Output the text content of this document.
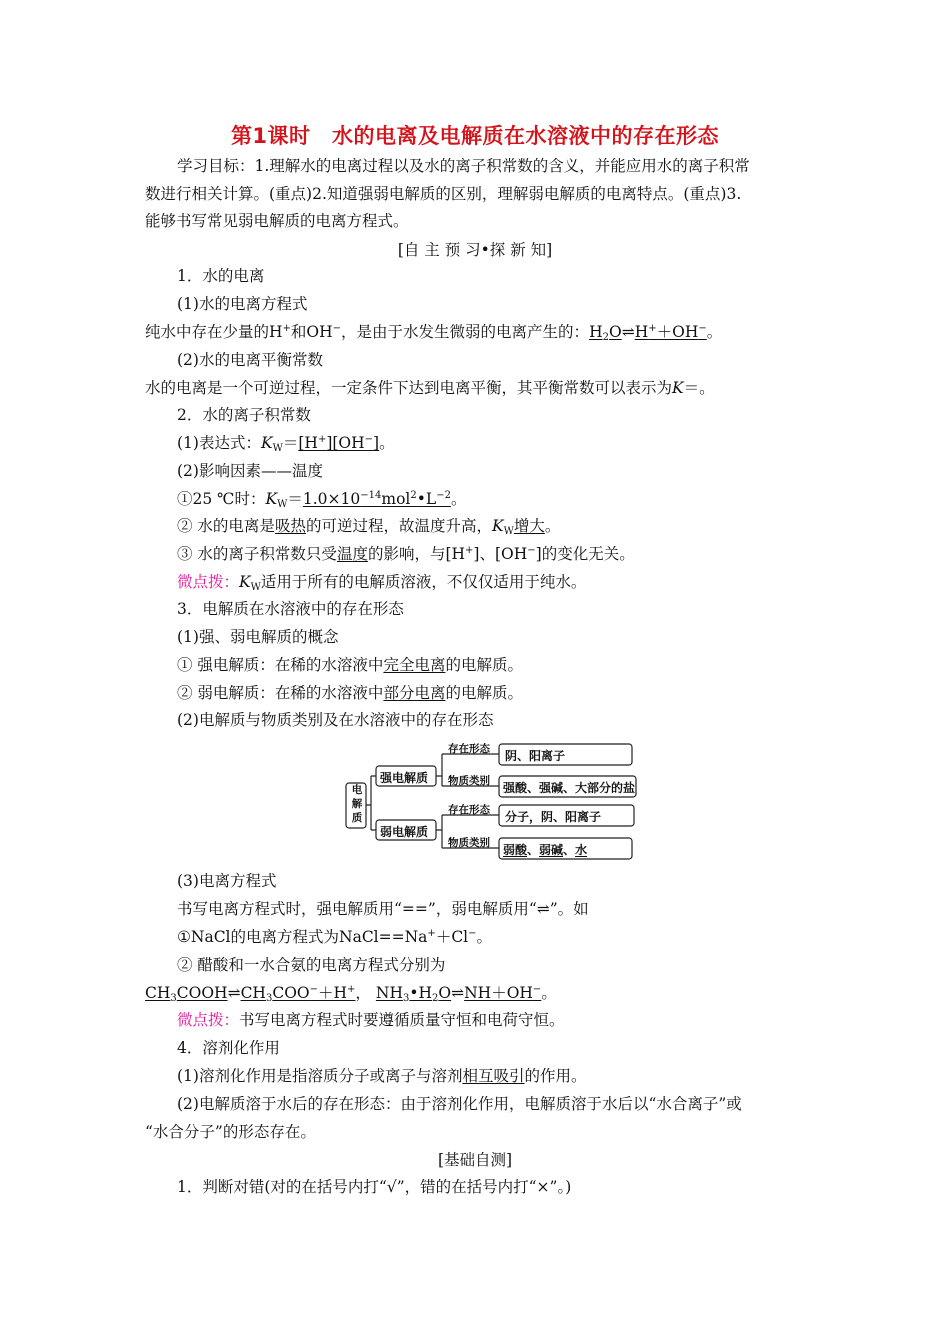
第1课时　水的电离及电解质在水溶液中的存在形态
学习目标：1.理解水的电离过程以及水的离子积常数的含义，并能应用水的离子积常
数进行相关计算。(重点)2.知道强弱电解质的区别，理解弱电解质的电离特点。(重点)3.
能够书写常见弱电解质的电离方程式。
[自 主 预 习•探 新 知]
1．水的电离
(1)水的电离方程式
纯水中存在少量的H+和OH−，是由于水发生微弱的电离产生的：$H_2O\rightleftharpoons H^++OH^-$。
(2)水的电离平衡常数
水的电离是一个可逆过程，一定条件下达到电离平衡，其平衡常数可以表示为K＝。
2．水的离子积常数
(1)表达式：$K_W=[H^+][OH^-]$。
(2)影响因素——温度
①25 ℃时：$K_W=1.0\times 10^{-14}mol^2•L^{-2}$。
② 水的电离是吸热的可逆过程，故温度升高，$K_W$增大。
③ 水的离子积常数只受温度的影响，与[H+]、[OH−]的变化无关。
微点拨：$K_W$适用于所有的电解质溶液，不仅仅适用于纯水。
3．电解质在水溶液中的存在形态
(1)强、弱电解质的概念
① 强电解质：在稀的水溶液中完全电离的电解质。
② 弱电解质：在稀的水溶液中部分电离的电解质。
(2)电解质与物质类别及在水溶液中的存在形态
电
解
质
强电解质
弱电解质
存在形态
物质类别
存在形态
物质类别
阴、阳离子
强酸、强碱、大部分的盐
分子，阴、阳离子
弱酸、弱碱、水
(3)电离方程式
书写电离方程式时，强电解质用“==”，弱电解质用“⇌”。如
①NaCl的电离方程式为NaCl==Na+＋Cl−。
② 醋酸和一水合氨的电离方程式分别为
$CH_3COOH\rightleftharpoons CH_3COO^-+H^+$， $NH_3•H_2O\rightleftharpoons NH+OH^-$。
微点拨：书写电离方程式时要遵循质量守恒和电荷守恒。
4．溶剂化作用
(1)溶剂化作用是指溶质分子或离子与溶剂相互吸引的作用。
(2)电解质溶于水后的存在形态：由于溶剂化作用，电解质溶于水后以“水合离子”或
“水合分子”的形态存在。
[基础自测]
1．判断对错(对的在括号内打“√”，错的在括号内打“×”。)
